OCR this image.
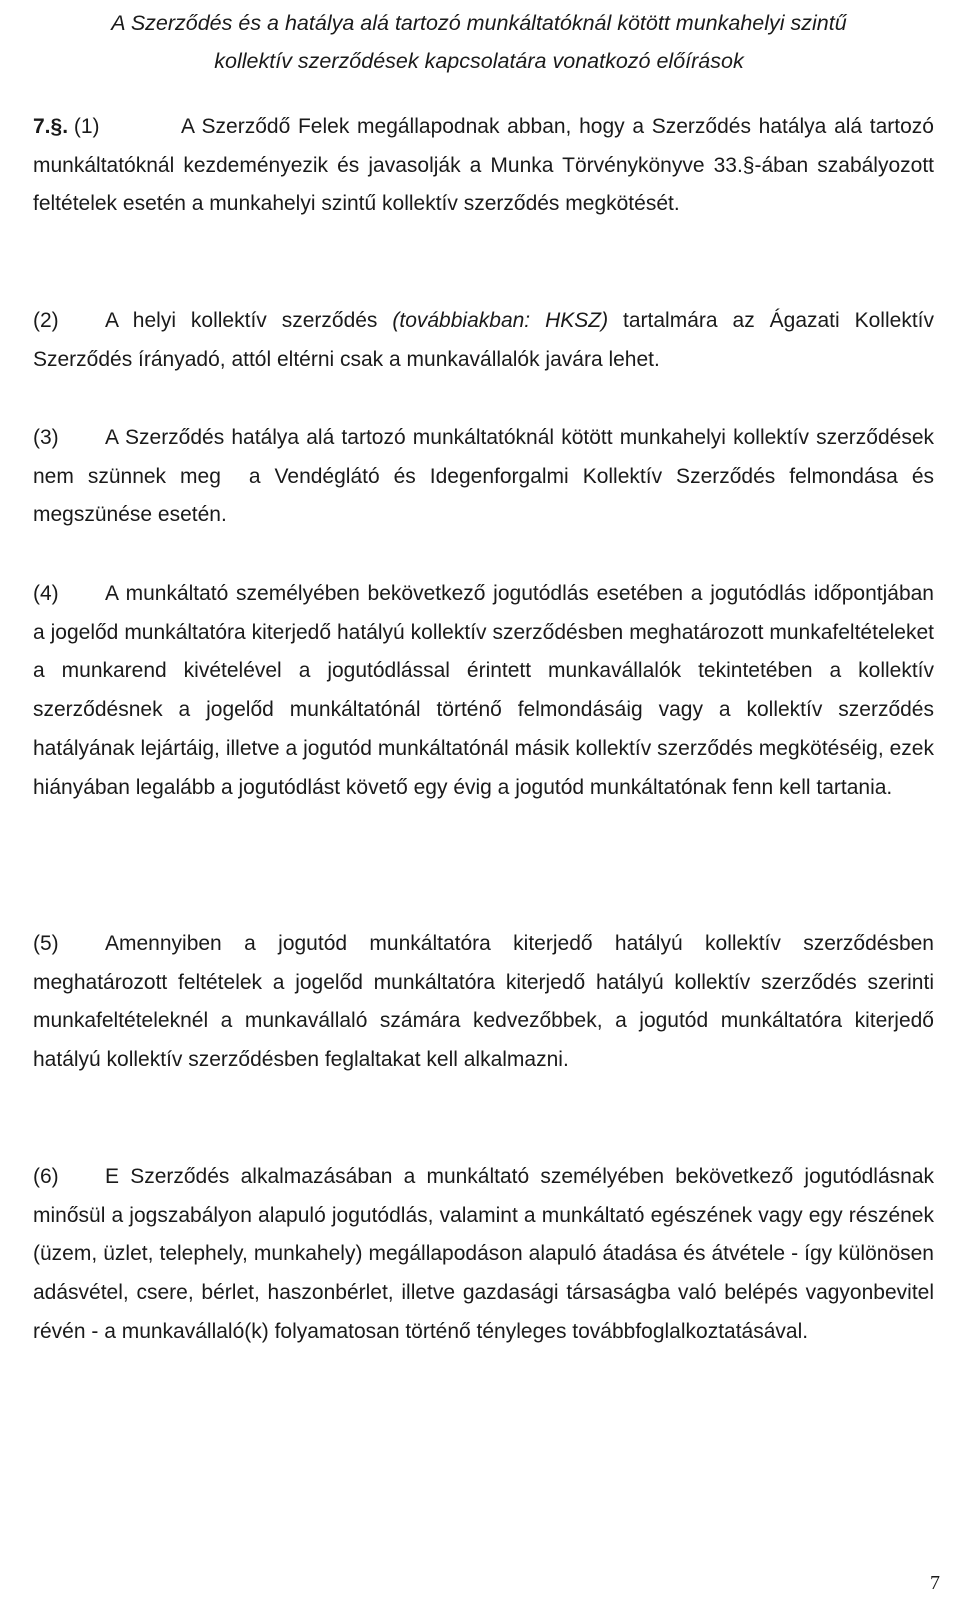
A Szerződés és a hatálya alá tartozó munkáltatóknál kötött munkahelyi szintű
kollektív szerződések kapcsolatára vonatkozó előírások

7.§. (1)	A Szerződő Felek megállapodnak abban, hogy a Szerződés hatálya alá tartozó munkáltatóknál kezdeményezik és javasolják a Munka Törvénykönyve 33.§-ában szabályozott feltételek esetén a munkahelyi szintű kollektív szerződés megkötését.

(2) A helyi kollektív szerződés (továbbiakban: HKSZ) tartalmára az Ágazati Kollektív Szerződés írányadó, attól eltérni csak a munkavállalók javára lehet.

(3) A Szerződés hatálya alá tartozó munkáltatóknál kötött munkahelyi kollektív szerződések nem szünnek meg  a Vendéglátó és Idegenforgalmi Kollektív Szerződés felmondása és megszünése esetén.

(4) A munkáltató személyében bekövetkező jogutódlás esetében a jogutódlás időpontjában a jogelőd munkáltatóra kiterjedő hatályú kollektív szerződésben meghatározott munkafeltételeket  a munkarend kivételével a jogutódlással érintett munkavállalók tekintetében a kollektív szerződésnek a jogelőd munkáltatónál történő felmondásáig vagy a kollektív szerződés hatályának lejártáig, illetve a jogutód munkáltatónál másik kollektív szerződés megkötéséig, ezek hiányában legalább a jogutódlást követő egy évig a jogutód munkáltatónak fenn kell tartania.

(5) Amennyiben a jogutód munkáltatóra kiterjedő hatályú kollektív szerződésben meghatározott feltételek a jogelőd munkáltatóra kiterjedő hatályú kollektív szerződés szerinti munkafeltételeknél a munkavállaló számára kedvezőbbek, a jogutód munkáltatóra kiterjedő hatályú kollektív szerződésben feglaltakat kell alkalmazni.

(6) E Szerződés alkalmazásában a munkáltató személyében bekövetkező jogutódlásnak minősül a jogszabályon alapuló jogutódlás, valamint a munkáltató egészének vagy egy részének (üzem, üzlet, telephely, munkahely) megállapodáson alapuló átadása és átvétele - így különösen adásvétel, csere, bérlet, haszonbérlet, illetve gazdasági társaságba való belépés vagyonbevitel révén - a munkavállaló(k) folyamatosan történő tényleges továbbfoglalkoztatásával.

7
